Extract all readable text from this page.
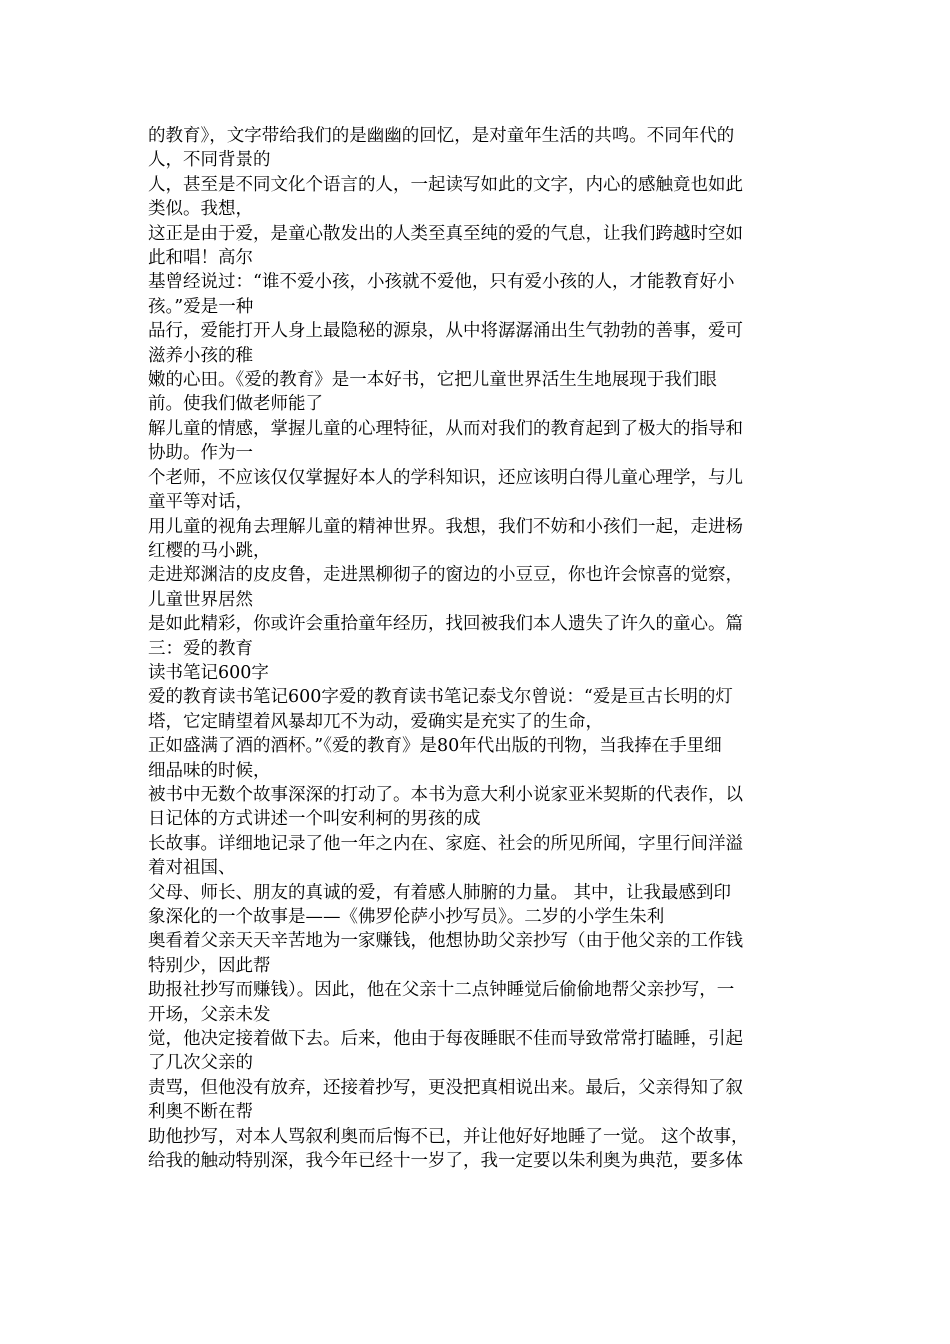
的教育》，文字带给我们的是幽幽的回忆，是对童年生活的共鸣。不同年代的
人，不同背景的
人，甚至是不同文化个语言的人，一起读写如此的文字，内心的感触竟也如此
类似。我想，
这正是由于爱，是童心散发出的人类至真至纯的爱的气息，让我们跨越时空如
此和唱！高尔
基曾经说过：“谁不爱小孩，小孩就不爱他，只有爱小孩的人，才能教育好小
孩。”爱是一种
品行，爱能打开人身上最隐秘的源泉，从中将潺潺涌出生气勃勃的善事，爱可
滋养小孩的稚
嫩的心田。《爱的教育》是一本好书，它把儿童世界活生生地展现于我们眼
前。使我们做老师能了
解儿童的情感，掌握儿童的心理特征，从而对我们的教育起到了极大的指导和
协助。作为一
个老师，不应该仅仅掌握好本人的学科知识，还应该明白得儿童心理学，与儿
童平等对话，
用儿童的视角去理解儿童的精神世界。我想，我们不妨和小孩们一起，走进杨
红樱的马小跳，
走进郑渊洁的皮皮鲁，走进黑柳彻子的窗边的小豆豆，你也许会惊喜的觉察，
儿童世界居然
是如此精彩，你或许会重拾童年经历，找回被我们本人遗失了许久的童心。篇
三：爱的教育
读书笔记600字
爱的教育读书笔记600字爱的教育读书笔记泰戈尔曾说：“爱是亘古长明的灯
塔，它定睛望着风暴却兀不为动，爱确实是充实了的生命，
正如盛满了酒的酒杯。”《爱的教育》是80年代出版的刊物，当我捧在手里细
细品味的时候，
被书中无数个故事深深的打动了。本书为意大利小说家亚米契斯的代表作，以
日记体的方式讲述一个叫安利柯的男孩的成
长故事。详细地记录了他一年之内在、家庭、社会的所见所闻，字里行间洋溢
着对祖国、
父母、师长、朋友的真诚的爱，有着感人肺腑的力量。 其中，让我最感到印
象深化的一个故事是——《佛罗伦萨小抄写员》。二岁的小学生朱利
奥看着父亲天天辛苦地为一家赚钱，他想协助父亲抄写（由于他父亲的工作钱
特别少，因此帮
助报社抄写而赚钱）。因此，他在父亲十二点钟睡觉后偷偷地帮父亲抄写，一
开场，父亲未发
觉，他决定接着做下去。后来，他由于每夜睡眠不佳而导致常常打瞌睡，引起
了几次父亲的
责骂，但他没有放弃，还接着抄写，更没把真相说出来。最后，父亲得知了叙
利奥不断在帮
助他抄写，对本人骂叙利奥而后悔不已，并让他好好地睡了一觉。 这个故事，
给我的触动特别深，我今年已经十一岁了，我一定要以朱利奥为典范，要多体
